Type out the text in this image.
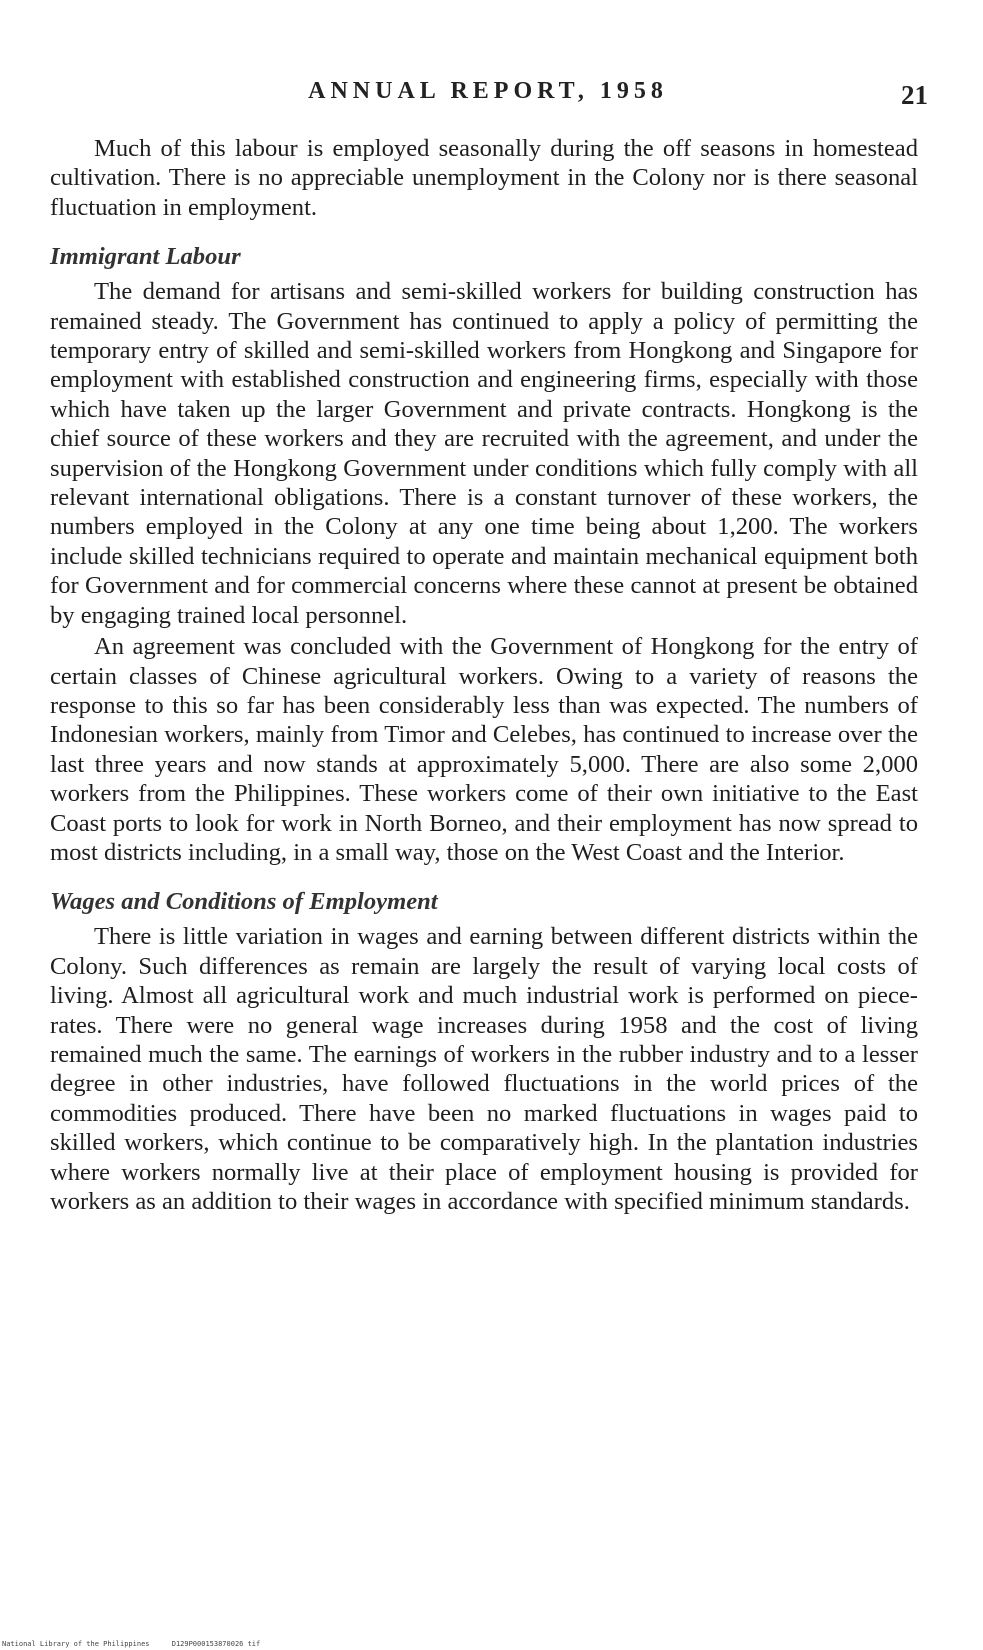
ANNUAL REPORT, 1958	21

Much of this labour is employed seasonally during the off seasons in homestead cultivation. There is no appreciable unemployment in the Colony nor is there seasonal fluctuation in employment.

Immigrant Labour

The demand for artisans and semi-skilled workers for building construction has remained steady. The Government has continued to apply a policy of permitting the temporary entry of skilled and semi-skilled workers from Hongkong and Singapore for employment with established construction and engineering firms, especially with those which have taken up the larger Government and private contracts. Hongkong is the chief source of these workers and they are recruited with the agreement, and under the supervision of the Hongkong Government under conditions which fully comply with all relevant international obligations. There is a constant turnover of these workers, the numbers employed in the Colony at any one time being about 1,200. The workers include skilled technicians required to operate and maintain mechanical equipment both for Government and for commercial concerns where these cannot at present be obtained by engaging trained local personnel.

An agreement was concluded with the Government of Hongkong for the entry of certain classes of Chinese agricultural workers. Owing to a variety of reasons the response to this so far has been considerably less than was expected. The numbers of Indonesian workers, mainly from Timor and Celebes, has continued to increase over the last three years and now stands at approximately 5,000. There are also some 2,000 workers from the Philippines. These workers come of their own initiative to the East Coast ports to look for work in North Borneo, and their employment has now spread to most districts including, in a small way, those on the West Coast and the Interior.

Wages and Conditions of Employment

There is little variation in wages and earning between different districts within the Colony. Such differences as remain are largely the result of varying local costs of living. Almost all agricultural work and much industrial work is performed on piece-rates. There were no general wage increases during 1958 and the cost of living remained much the same. The earnings of workers in the rubber industry and to a lesser degree in other industries, have followed fluctuations in the world prices of the commodities produced. There have been no marked fluctuations in wages paid to skilled workers, which continue to be comparatively high. In the plantation industries where workers normally live at their place of employment housing is provided for workers as an addition to their wages in accordance with specified minimum standards.

National Library of the Philippines	D129P000153870026 tif
